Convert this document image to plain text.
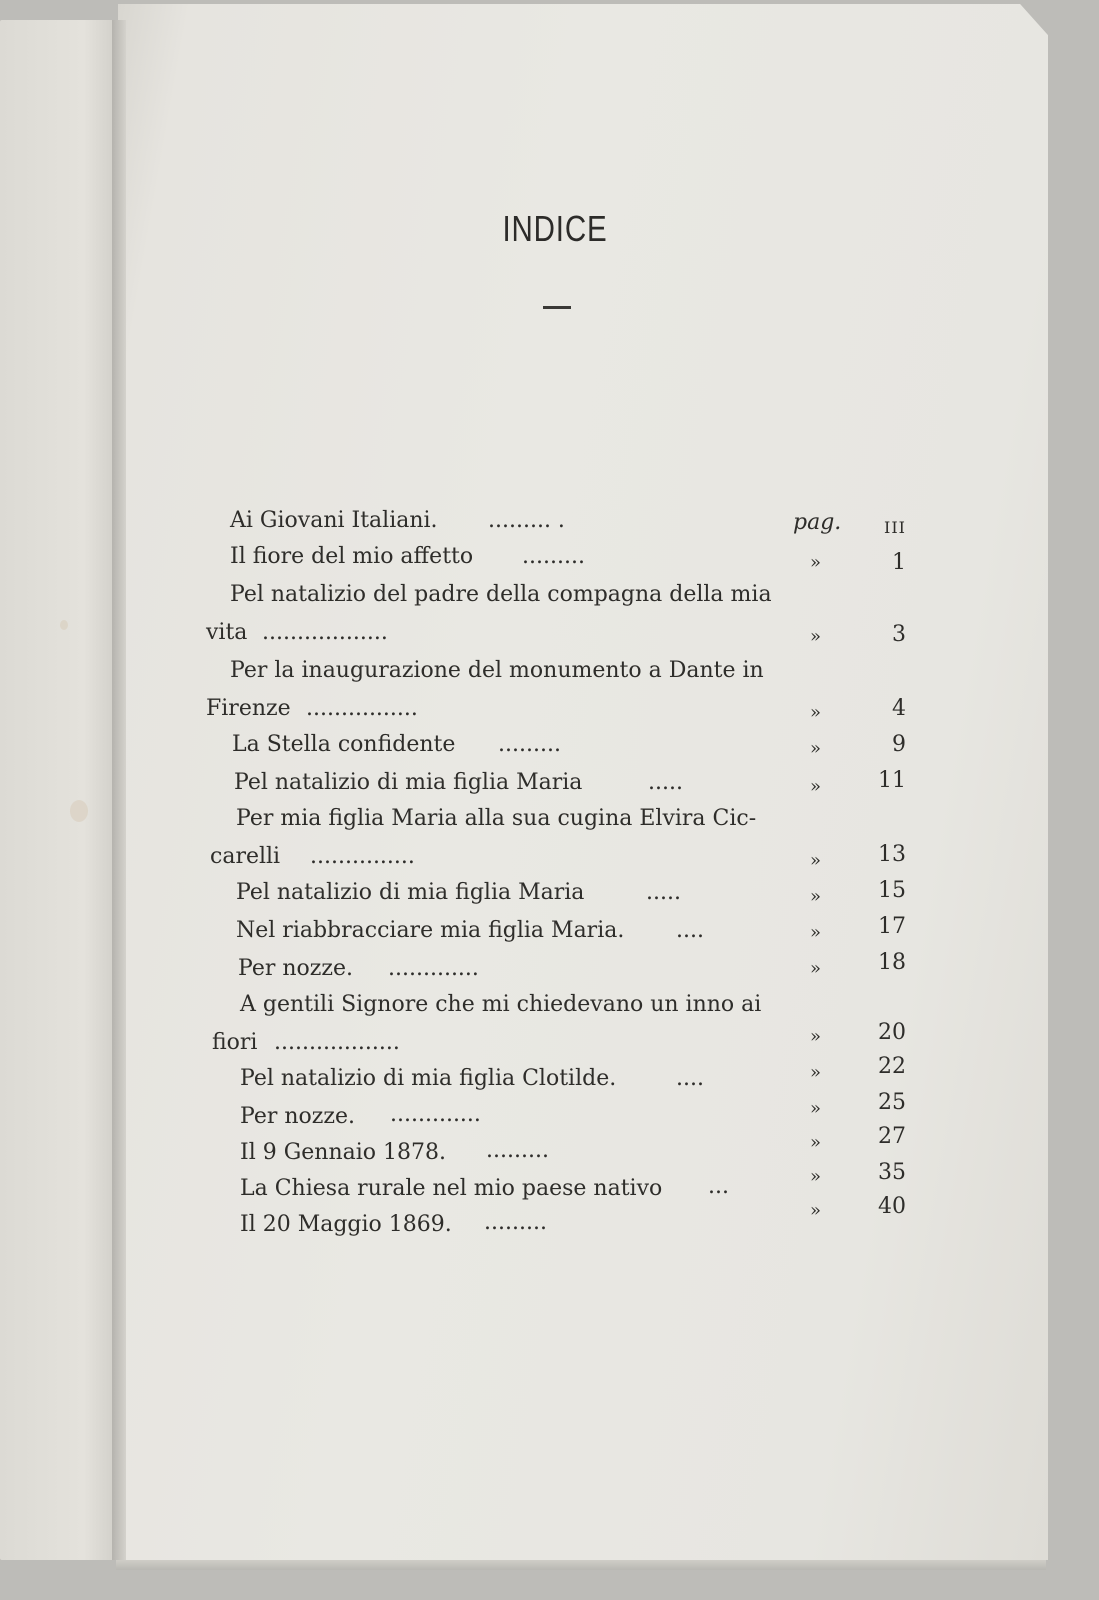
INDICE
Ai Giovani Italiani. ......... .	pag.	III
Il fiore del mio affetto .........	»	1
Pel natalizio del padre della compagna della mia
vita ..................	»	3
Per la inaugurazione del monumento a Dante in
Firenze ................	»	4
La Stella confidente .........	»	9
Pel natalizio di mia figlia Maria	.....	»	11
Per mia figlia Maria alla sua cugina Elvira Cic-
carelli ...............	»	13
Pel natalizio di mia figlia Maria	.....	»	15
Nel riabbracciare mia figlia Maria. ....	»	17
Per nozze. .............	»	18
A gentili Signore che mi chiedevano un inno ai
fiori ..................	»	20
Pel natalizio di mia figlia Clotilde.	....	»	22
Per nozze. .............	»	25
Il 9 Gennaio 1878. .........	»	27
La Chiesa rurale nel mio paese nativo ...	»	35
Il 20 Maggio 1869. .........	»	40
